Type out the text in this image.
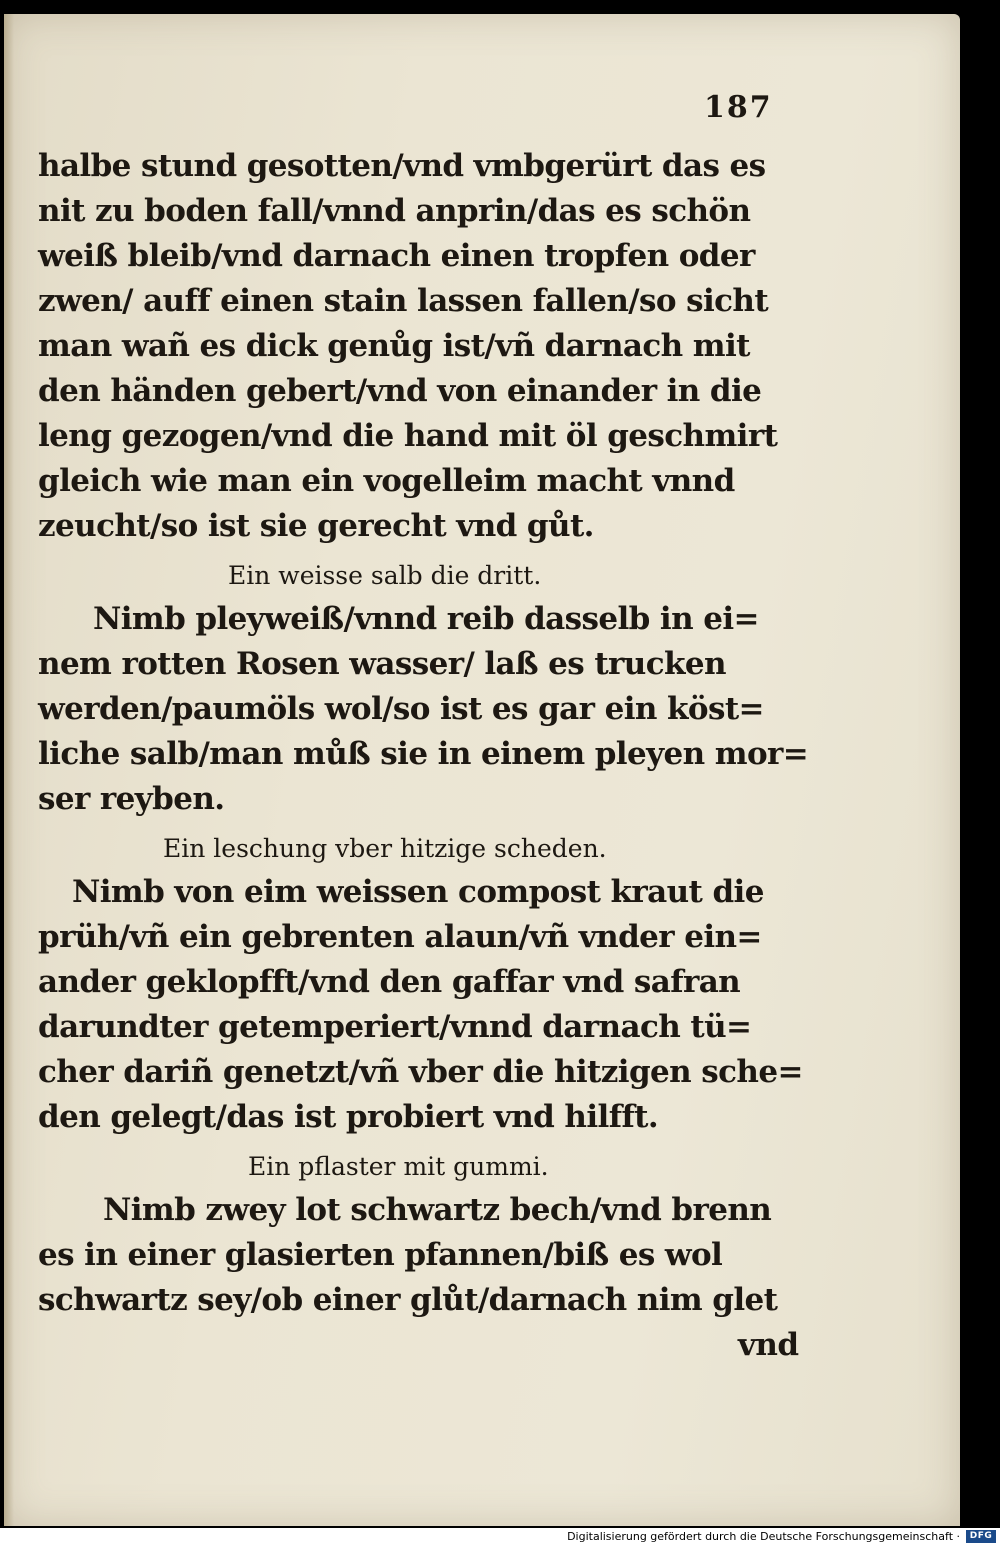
187
halbe stund gesotten/vnd vmbgerürt das es
nit zu boden fall/vnnd anprin/das es schön
weiß bleib/vnd darnach einen tropfen oder
zwen/ auff einen stain lassen fallen/so sicht
man wañ es dick genůg ist/vñ darnach mit
den händen gebert/vnd von einander in die
leng gezogen/vnd die hand mit öl geschmirt
gleich wie man ein vogelleim macht vnnd
zeucht/so ist sie gerecht vnd gůt.
Ein weisse salb die dritt.
Nimb pleyweiß/vnnd reib dasselb in ei=
nem rotten Rosen wasser/ laß es trucken
werden/paumöls wol/so ist es gar ein köst=
liche salb/man můß sie in einem pleyen mor=
ser reyben.
Ein leschung vber hitzige scheden.
Nimb von eim weissen compost kraut die
prüh/vñ ein gebrenten alaun/vñ vnder ein=
ander geklopfft/vnd den gaffar vnd safran
darundter getemperiert/vnnd darnach tü=
cher dariñ genetzt/vñ vber die hitzigen sche=
den gelegt/das ist probiert vnd hilfft.
Ein pflaster mit gummi.
Nimb zwey lot schwartz bech/vnd brenn
es in einer glasierten pfannen/biß es wol
schwartz sey/ob einer glůt/darnach nim glet
vnd
Digitalisierung gefördert durch die Deutsche Forschungsgemeinschaft ·	DFG
